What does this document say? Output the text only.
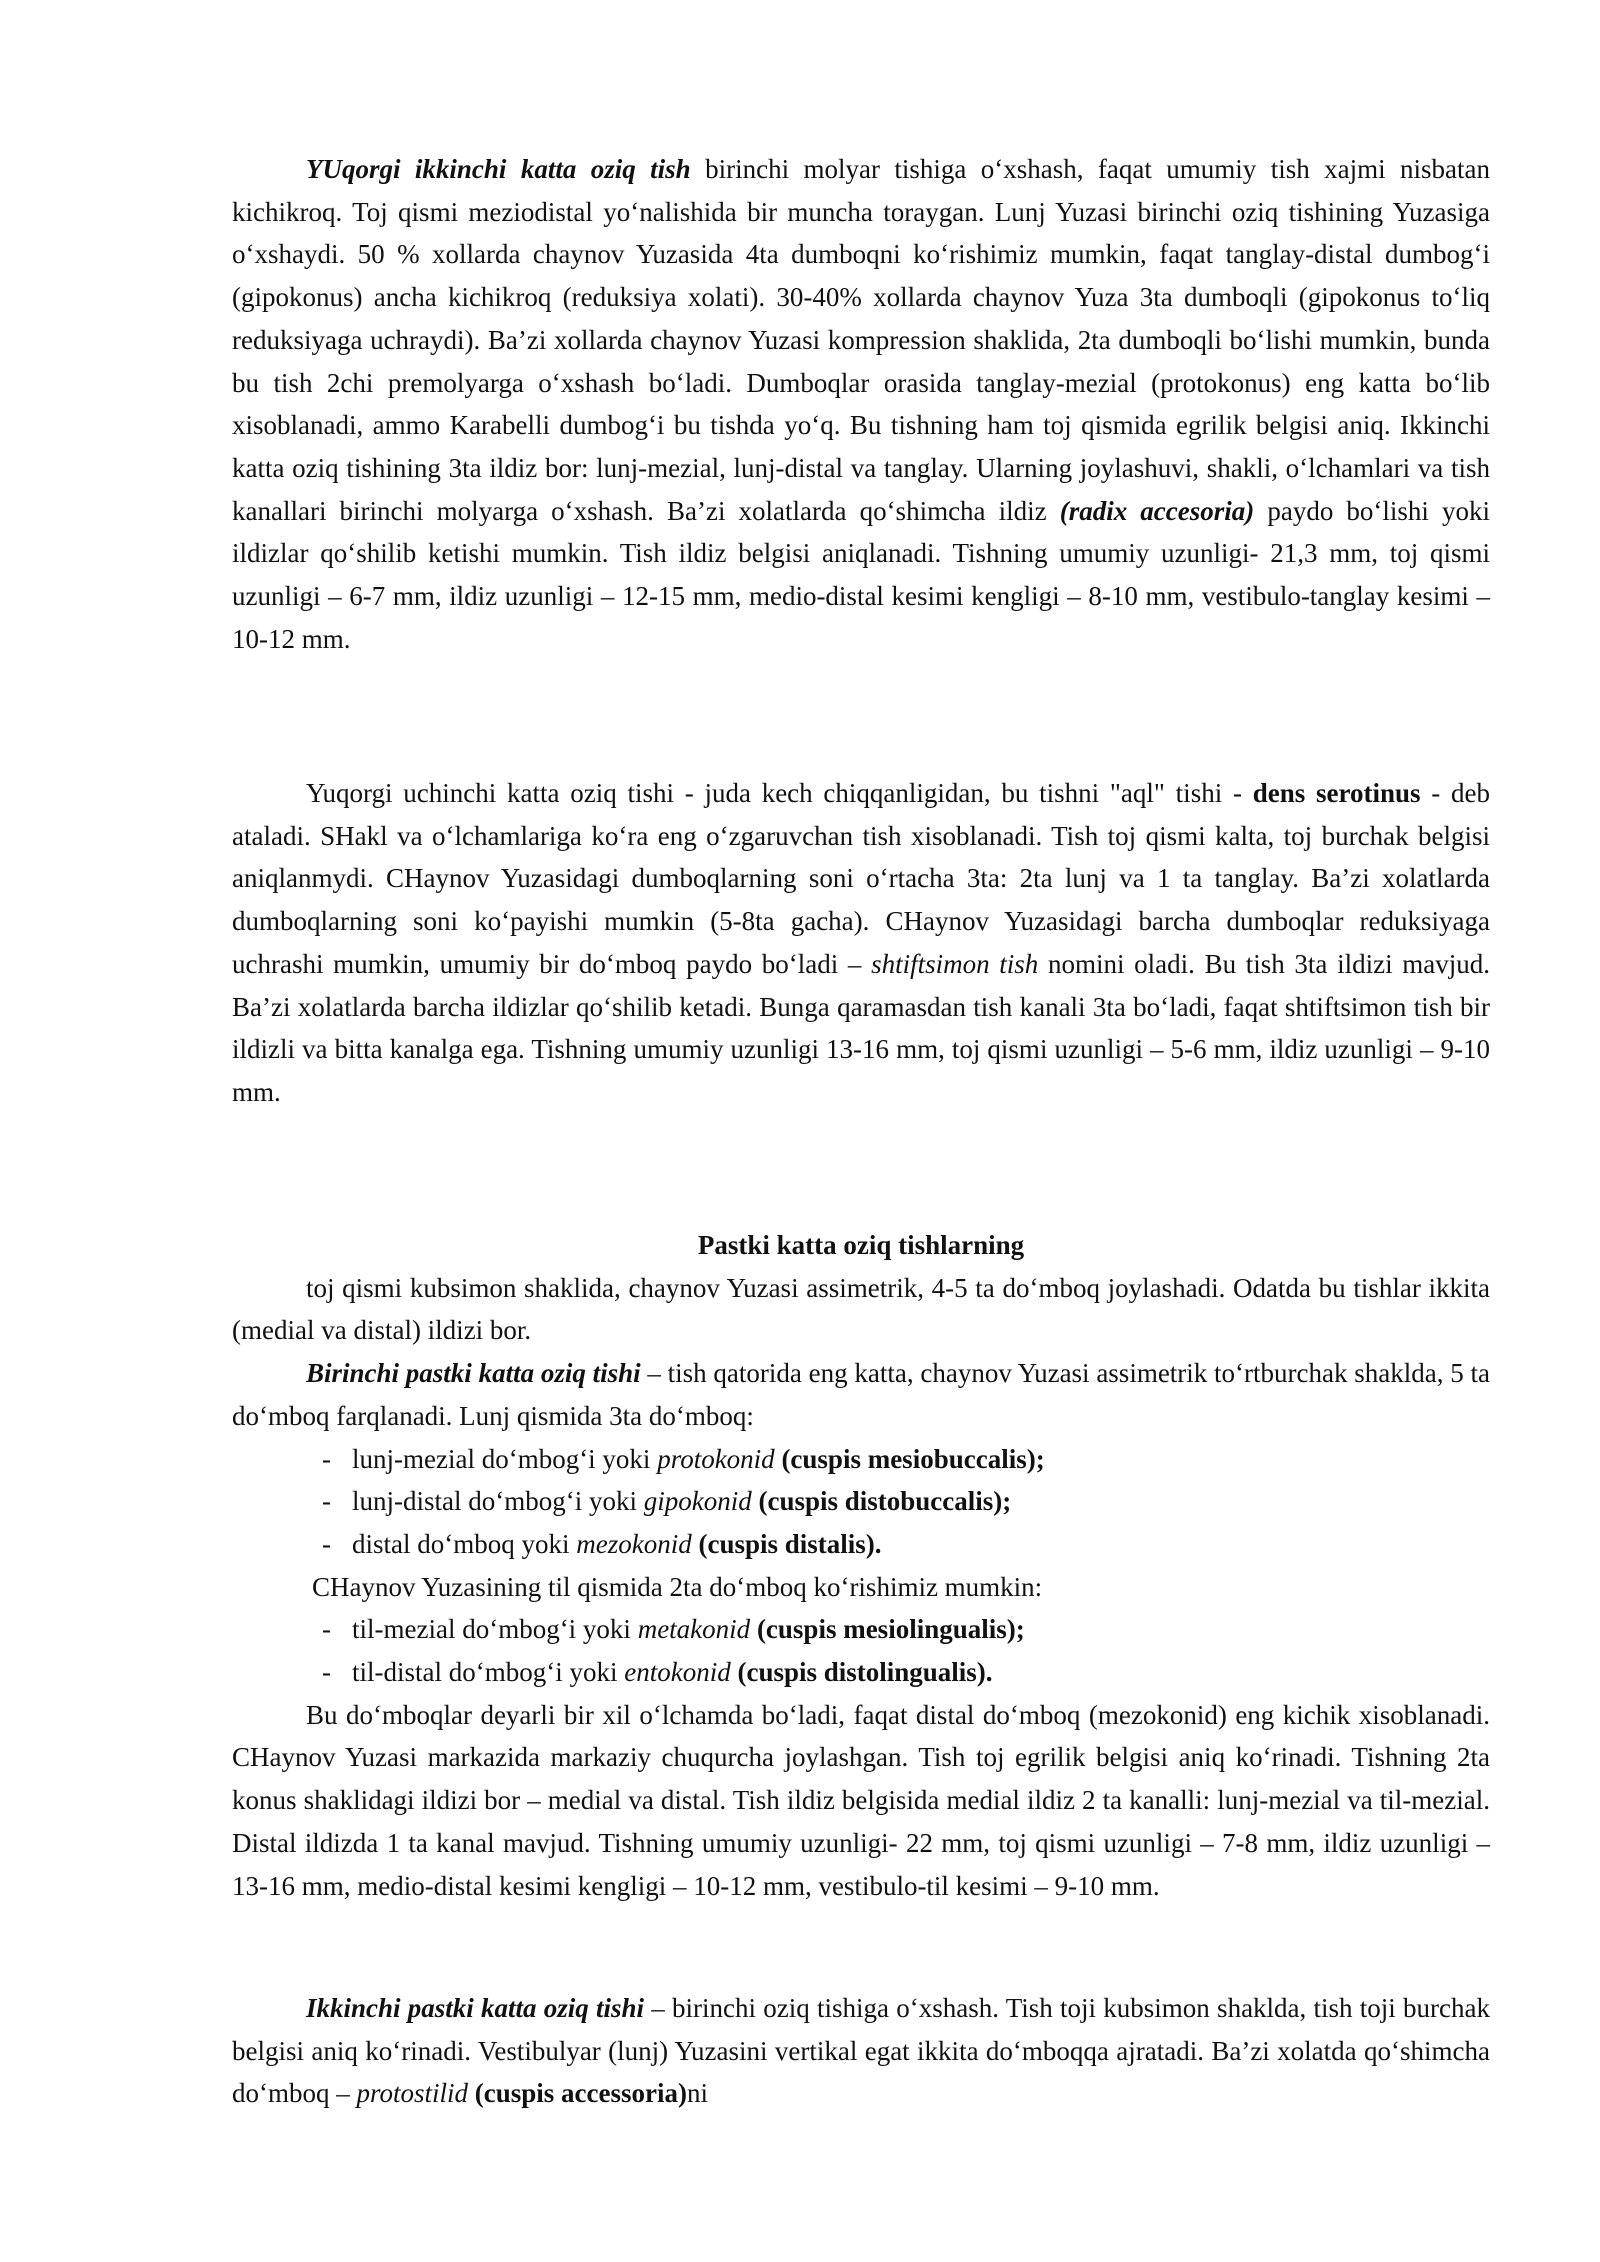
YUqorgi ikkinchi katta oziq tish birinchi molyar tishiga o‘xshash, faqat umumiy tish xajmi nisbatan kichikroq. Toj qismi meziodistal yo‘nalishida bir muncha toraygan. Lunj Yuzasi birinchi oziq tishining Yuzasiga o‘xshaydi. 50 % xollarda chaynov Yuzasida 4ta dumboqni ko‘rishimiz mumkin, faqat tanglay-distal dumbog‘i (gipokonus) ancha kichikroq (reduksiya xolati). 30-40% xollarda chaynov Yuza 3ta dumboqli (gipokonus to‘liq reduksiyaga uchraydi). Ba’zi xollarda chaynov Yuzasi kompression shaklida, 2ta dumboqli bo‘lishi mumkin, bunda bu tish 2chi premolyarga o‘xshash bo‘ladi. Dumboqlar orasida tanglay-mezial (protokonus) eng katta bo‘lib xisoblanadi, ammo Karabelli dumbog‘i bu tishda yo‘q. Bu tishning ham toj qismida egrilik belgisi aniq. Ikkinchi katta oziq tishining 3ta ildiz bor: lunj-mezial, lunj-distal va tanglay. Ularning joylashuvi, shakli, o‘lchamlari va tish kanallari birinchi molyarga o‘xshash. Ba’zi xolatlarda qo‘shimcha ildiz (radix accesoria) paydo bo‘lishi yoki ildizlar qo‘shilib ketishi mumkin. Tish ildiz belgisi aniqlanadi. Tishning umumiy uzunligi- 21,3 mm, toj qismi uzunligi – 6-7 mm, ildiz uzunligi – 12-15 mm, medio-distal kesimi kengligi – 8-10 mm, vestibulo-tanglay kesimi – 10-12 mm.

Yuqorgi uchinchi katta oziq tishi - juda kech chiqqanligidan, bu tishni "aql" tishi - dens serotinus - deb ataladi. SHakl va o‘lchamlariga ko‘ra eng o‘zgaruvchan tish xisoblanadi. Tish toj qismi kalta, toj burchak belgisi aniqlanmydi. CHaynov Yuzasidagi dumboqlarning soni o‘rtacha 3ta: 2ta lunj va 1 ta tanglay. Ba’zi xolatlarda dumboqlarning soni ko‘payishi mumkin (5-8ta gacha). CHaynov Yuzasidagi barcha dumboqlar reduksiyaga uchrashi mumkin, umumiy bir do‘mboq paydo bo‘ladi – shtiftsimon tish nomini oladi. Bu tish 3ta ildizi mavjud. Ba’zi xolatlarda barcha ildizlar qo‘shilib ketadi. Bunga qaramasdan tish kanali 3ta bo‘ladi, faqat shtiftsimon tish bir ildizli va bitta kanalga ega. Tishning umumiy uzunligi 13-16 mm, toj qismi uzunligi – 5-6 mm, ildiz uzunligi – 9-10 mm.

Pastki katta oziq tishlarning

toj qismi kubsimon shaklida, chaynov Yuzasi assimetrik, 4-5 ta do‘mboq joylashadi. Odatda bu tishlar ikkita (medial va distal) ildizi bor.

Birinchi pastki katta oziq tishi – tish qatorida eng katta, chaynov Yuzasi assimetrik to‘rtburchak shaklda, 5 ta do‘mboq farqlanadi. Lunj qismida 3ta do‘mboq:

- lunj-mezial do‘mbog‘i yoki protokonid (cuspis mesiobuccalis);

- lunj-distal do‘mbog‘i yoki gipokonid (cuspis distobuccalis);

- distal do‘mboq yoki mezokonid (cuspis distalis).

CHaynov Yuzasining til qismida 2ta do‘mboq ko‘rishimiz mumkin:

- til-mezial do‘mbog‘i yoki metakonid (cuspis mesiolingualis);

- til-distal do‘mbog‘i yoki entokonid (cuspis distolingualis).

Bu do‘mboqlar deyarli bir xil o‘lchamda bo‘ladi, faqat distal do‘mboq (mezokonid) eng kichik xisoblanadi. CHaynov Yuzasi markazida markaziy chuqurcha joylashgan. Tish toj egrilik belgisi aniq ko‘rinadi. Tishning 2ta konus shaklidagi ildizi bor – medial va distal. Tish ildiz belgisida medial ildiz 2 ta kanalli: lunj-mezial va til-mezial. Distal ildizda 1 ta kanal mavjud. Tishning umumiy uzunligi- 22 mm, toj qismi uzunligi – 7-8 mm, ildiz uzunligi – 13-16 mm, medio-distal kesimi kengligi – 10-12 mm, vestibulo-til kesimi – 9-10 mm.

Ikkinchi pastki katta oziq tishi – birinchi oziq tishiga o‘xshash. Tish toji kubsimon shaklda, tish toji burchak belgisi aniq ko‘rinadi. Vestibulyar (lunj) Yuzasini vertikal egat ikkita do‘mboqqa ajratadi. Ba’zi xolatda qo‘shimcha do‘mboq – protostilid (cuspis accessoria)ni
